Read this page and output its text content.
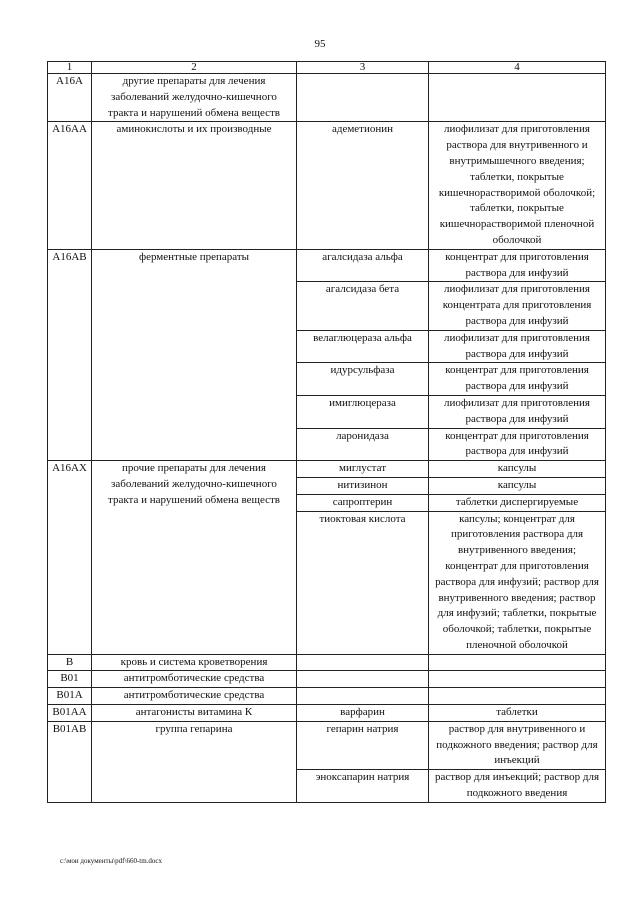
95
1	2	3	4
A16A	другие препараты для лечения заболеваний желудочно-кишечного тракта и нарушений обмена веществ		
A16AA	аминокислоты и их производные	адеметионин	лиофилизат для приготовления раствора для внутривенного и внутримышечного введения; таблетки, покрытые кишечнорастворимой оболочкой; таблетки, покрытые кишечнорастворимой пленочной оболочкой
A16AB	ферментные препараты	агалсидаза альфа	концентрат для приготовления раствора для инфузий
		агалсидаза бета	лиофилизат для приготовления концентрата для приготовления раствора для инфузий
		велаглюцераза альфа	лиофилизат для приготовления раствора для инфузий
		идурсульфаза	концентрат для приготовления раствора для инфузий
		имиглюцераза	лиофилизат для приготовления раствора для инфузий
		ларонидаза	концентрат для приготовления раствора для инфузий
A16AX	прочие препараты для лечения заболеваний желудочно-кишечного тракта и нарушений обмена веществ	миглустат	капсулы
		нитизинон	капсулы
		сапроптерин	таблетки диспергируемые
		тиоктовая кислота	капсулы; концентрат для приготовления раствора для внутривенного введения; концентрат для приготовления раствора для инфузий; раствор для внутривенного введения; раствор для инфузий; таблетки, покрытые оболочкой; таблетки, покрытые пленочной оболочкой
B	кровь и система кроветворения		
B01	антитромботические средства		
B01A	антитромботические средства		
B01AA	антагонисты витамина К	варфарин	таблетки
B01AB	группа гепарина	гепарин натрия	раствор для внутривенного и подкожного введения; раствор для инъекций
		эноксапарин натрия	раствор для инъекций; раствор для подкожного введения
c:\мои документы\pdf\660-tm.docx
